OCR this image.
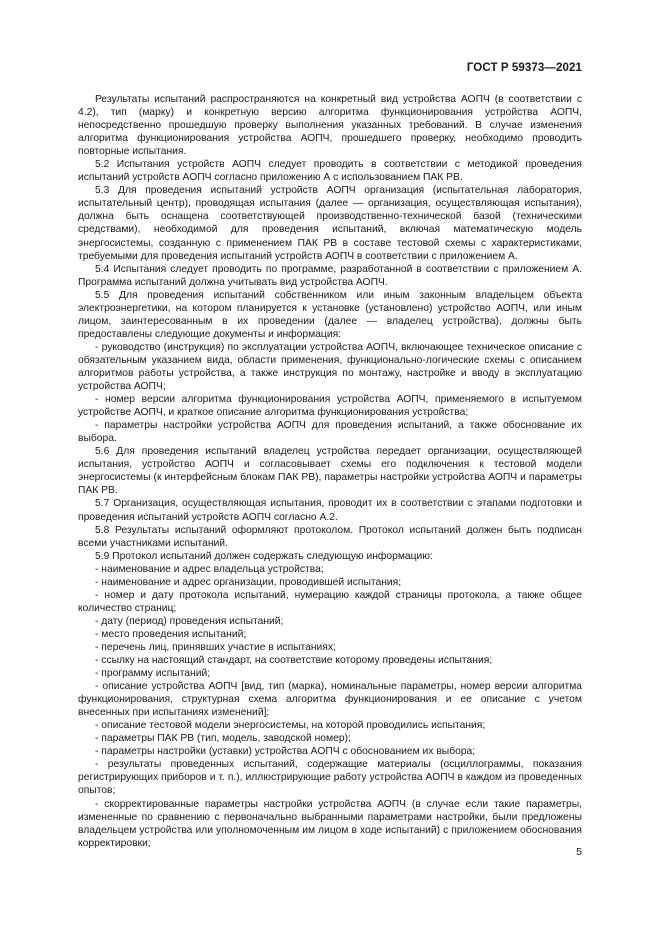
ГОСТ Р 59373—2021

Результаты испытаний распространяются на конкретный вид устройства АОПЧ (в соответствии с 4.2), тип (марку) и конкретную версию алгоритма функционирования устройства АОПЧ, непосредственно прошедшую проверку выполнения указанных требований. В случае изменения алгоритма функционирования устройства АОПЧ, прошедшего проверку, необходимо проводить повторные испытания.

5.2 Испытания устройств АОПЧ следует проводить в соответствии с методикой проведения испытаний устройств АОПЧ согласно приложению А с использованием ПАК РВ.

5.3 Для проведения испытаний устройств АОПЧ организация (испытательная лаборатория, испытательный центр), проводящая испытания (далее — организация, осуществляющая испытания), должна быть оснащена соответствующей производственно-технической базой (техническими средствами), необходимой для проведения испытаний, включая математическую модель энергосистемы, созданную с применением ПАК РВ в составе тестовой схемы с характеристиками, требуемыми для проведения испытаний устройств АОПЧ в соответствии с приложением А.

5.4 Испытания следует проводить по программе, разработанной в соответствии с приложением А. Программа испытаний должна учитывать вид устройства АОПЧ.

5.5 Для проведения испытаний собственником или иным законным владельцем объекта электроэнергетики, на котором планируется к установке (установлено) устройство АОПЧ, или иным лицом, заинтересованным в их проведении (далее — владелец устройства), должны быть предоставлены следующие документы и информация:

- руководство (инструкция) по эксплуатации устройства АОПЧ, включающее техническое описание с обязательным указанием вида, области применения, функционально-логические схемы с описанием алгоритмов работы устройства, а также инструкция по монтажу, настройке и вводу в эксплуатацию устройства АОПЧ;

- номер версии алгоритма функционирования устройства АОПЧ, применяемого в испытуемом устройстве АОПЧ, и краткое описание алгоритма функционирования устройства;

- параметры настройки устройства АОПЧ для проведения испытаний, а также обоснование их выбора.

5.6 Для проведения испытаний владелец устройства передает организации, осуществляющей испытания, устройство АОПЧ и согласовывает схемы его подключения к тестовой модели энергосистемы (к интерфейсным блокам ПАК РВ), параметры настройки устройства АОПЧ и параметры ПАК РВ.

5.7 Организация, осуществляющая испытания, проводит их в соответствии с этапами подготовки и проведения испытаний устройств АОПЧ согласно А.2.

5.8 Результаты испытаний оформляют протоколом. Протокол испытаний должен быть подписан всеми участниками испытаний.

5.9 Протокол испытаний должен содержать следующую информацию:

- наименование и адрес владельца устройства;

- наименование и адрес организации, проводившей испытания;

- номер и дату протокола испытаний, нумерацию каждой страницы протокола, а также общее количество страниц;

- дату (период) проведения испытаний;

- место проведения испытаний;

- перечень лиц, принявших участие в испытаниях;

- ссылку на настоящий стандарт, на соответствие которому проведены испытания;

- программу испытаний;

- описание устройства АОПЧ [вид, тип (марка), номинальные параметры, номер версии алгоритма функционирования, структурная схема алгоритма функционирования и ее описание с учетом внесенных при испытаниях изменений];

- описание тестовой модели энергосистемы, на которой проводились испытания;

- параметры ПАК РВ (тип, модель, заводской номер);

- параметры настройки (уставки) устройства АОПЧ с обоснованием их выбора;

- результаты проведенных испытаний, содержащие материалы (осциллограммы, показания регистрирующих приборов и т. п.), иллюстрирующие работу устройства АОПЧ в каждом из проведенных опытов;

- скорректированные параметры настройки устройства АОПЧ (в случае если такие параметры, измененные по сравнению с первоначально выбранными параметрами настройки, были предложены владельцем устройства или уполномоченным им лицом в ходе испытаний) с приложением обоснования корректировки;

5
